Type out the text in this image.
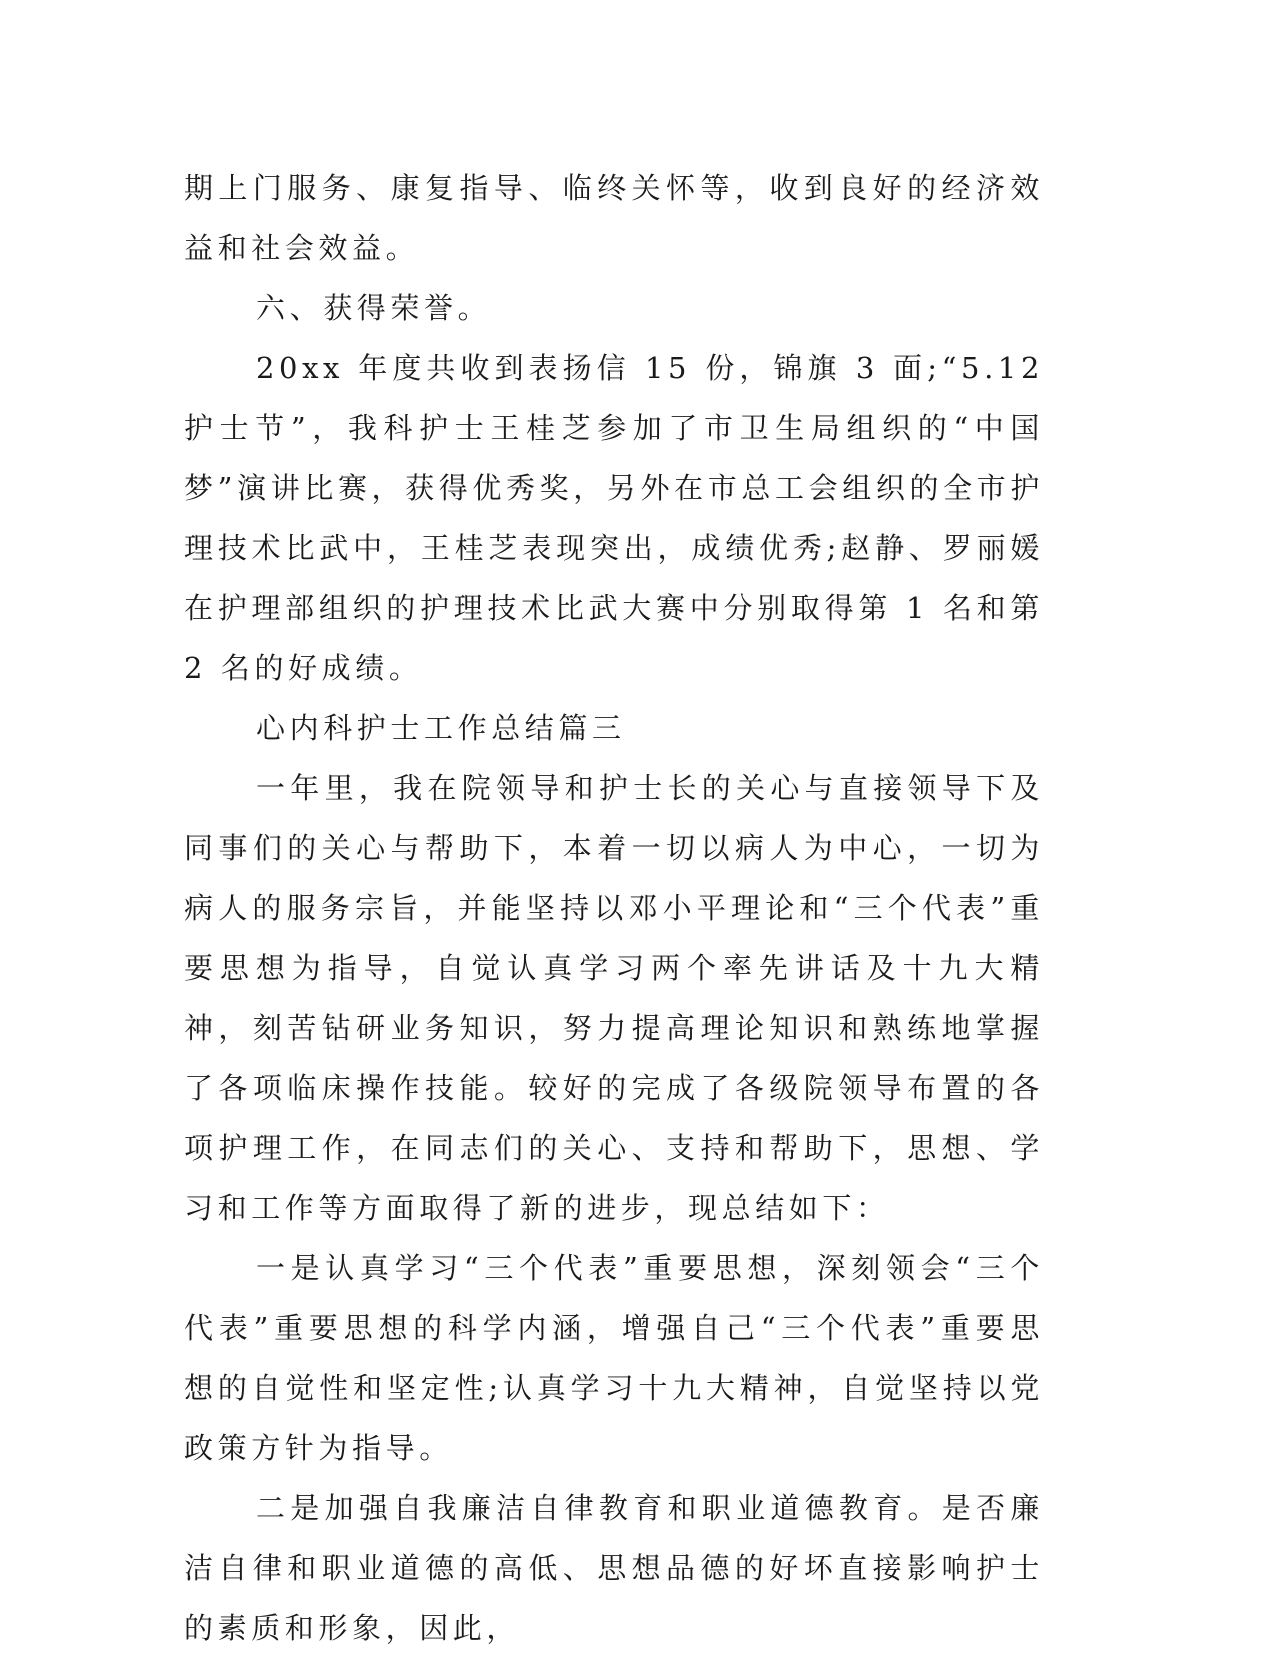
期上门服务、康复指导、临终关怀等，收到良好的经济效益和社会效益。

六、获得荣誉。

20xx 年度共收到表扬信 15 份，锦旗 3 面;“5.12 护士节”，我科护士王桂芝参加了市卫生局组织的“中国梦”演讲比赛，获得优秀奖，另外在市总工会组织的全市护理技术比武中，王桂芝表现突出，成绩优秀;赵静、罗丽媛在护理部组织的护理技术比武大赛中分别取得第 1 名和第 2 名的好成绩。

心内科护士工作总结篇三

一年里，我在院领导和护士长的关心与直接领导下及同事们的关心与帮助下，本着一切以病人为中心，一切为病人的服务宗旨，并能坚持以邓小平理论和“三个代表”重要思想为指导，自觉认真学习两个率先讲话及十九大精神，刻苦钻研业务知识，努力提高理论知识和熟练地掌握了各项临床操作技能。较好的完成了各级院领导布置的各项护理工作，在同志们的关心、支持和帮助下，思想、学习和工作等方面取得了新的进步，现总结如下：

一是认真学习“三个代表”重要思想，深刻领会“三个代表”重要思想的科学内涵，增强自己“三个代表”重要思想的自觉性和坚定性;认真学习十九大精神，自觉坚持以党政策方针为指导。

二是加强自我廉洁自律教育和职业道德教育。是否廉洁自律和职业道德的高低、思想品德的好坏直接影响护士的素质和形象，因此，
